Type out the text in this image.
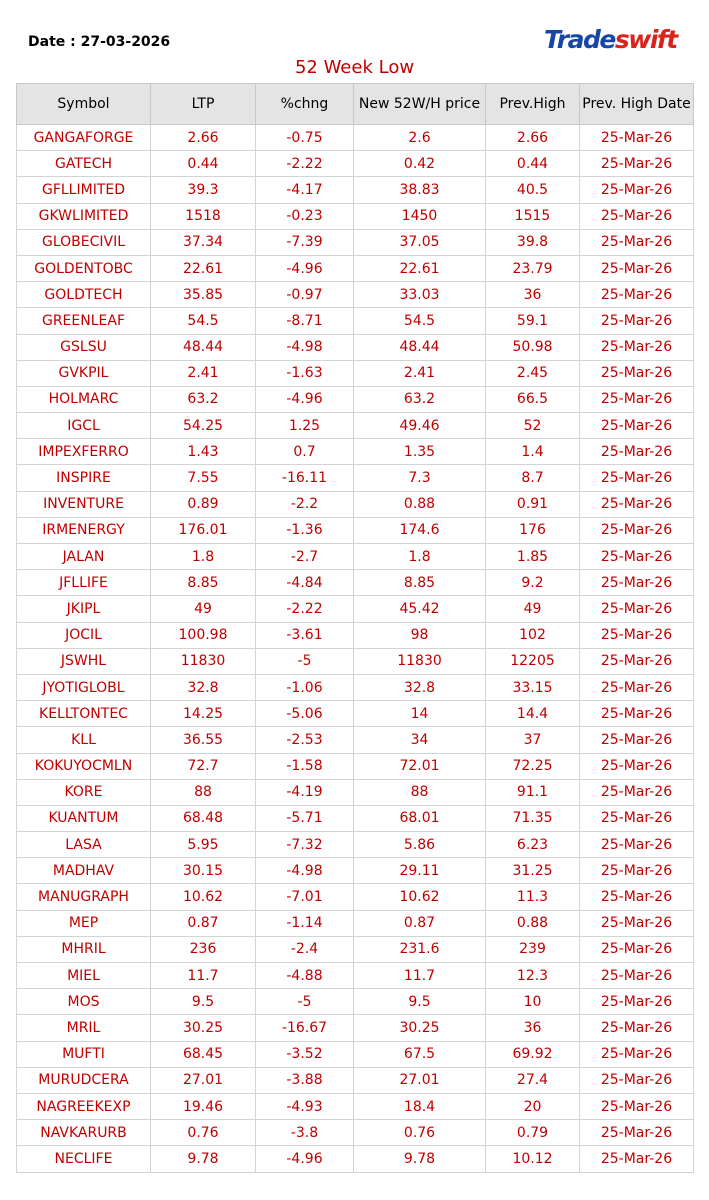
Date : 27-03-2026	Tradeswift
52 Week Low
Symbol	LTP	%chng	New 52W/H price	Prev.High	Prev. High Date
GANGAFORGE	2.66	-0.75	2.6	2.66	25-Mar-26
GATECH	0.44	-2.22	0.42	0.44	25-Mar-26
GFLLIMITED	39.3	-4.17	38.83	40.5	25-Mar-26
GKWLIMITED	1518	-0.23	1450	1515	25-Mar-26
GLOBECIVIL	37.34	-7.39	37.05	39.8	25-Mar-26
GOLDENTOBC	22.61	-4.96	22.61	23.79	25-Mar-26
GOLDTECH	35.85	-0.97	33.03	36	25-Mar-26
GREENLEAF	54.5	-8.71	54.5	59.1	25-Mar-26
GSLSU	48.44	-4.98	48.44	50.98	25-Mar-26
GVKPIL	2.41	-1.63	2.41	2.45	25-Mar-26
HOLMARC	63.2	-4.96	63.2	66.5	25-Mar-26
IGCL	54.25	1.25	49.46	52	25-Mar-26
IMPEXFERRO	1.43	0.7	1.35	1.4	25-Mar-26
INSPIRE	7.55	-16.11	7.3	8.7	25-Mar-26
INVENTURE	0.89	-2.2	0.88	0.91	25-Mar-26
IRMENERGY	176.01	-1.36	174.6	176	25-Mar-26
JALAN	1.8	-2.7	1.8	1.85	25-Mar-26
JFLLIFE	8.85	-4.84	8.85	9.2	25-Mar-26
JKIPL	49	-2.22	45.42	49	25-Mar-26
JOCIL	100.98	-3.61	98	102	25-Mar-26
JSWHL	11830	-5	11830	12205	25-Mar-26
JYOTIGLOBL	32.8	-1.06	32.8	33.15	25-Mar-26
KELLTONTEC	14.25	-5.06	14	14.4	25-Mar-26
KLL	36.55	-2.53	34	37	25-Mar-26
KOKUYOCMLN	72.7	-1.58	72.01	72.25	25-Mar-26
KORE	88	-4.19	88	91.1	25-Mar-26
KUANTUM	68.48	-5.71	68.01	71.35	25-Mar-26
LASA	5.95	-7.32	5.86	6.23	25-Mar-26
MADHAV	30.15	-4.98	29.11	31.25	25-Mar-26
MANUGRAPH	10.62	-7.01	10.62	11.3	25-Mar-26
MEP	0.87	-1.14	0.87	0.88	25-Mar-26
MHRIL	236	-2.4	231.6	239	25-Mar-26
MIEL	11.7	-4.88	11.7	12.3	25-Mar-26
MOS	9.5	-5	9.5	10	25-Mar-26
MRIL	30.25	-16.67	30.25	36	25-Mar-26
MUFTI	68.45	-3.52	67.5	69.92	25-Mar-26
MURUDCERA	27.01	-3.88	27.01	27.4	25-Mar-26
NAGREEKEXP	19.46	-4.93	18.4	20	25-Mar-26
NAVKARURB	0.76	-3.8	0.76	0.79	25-Mar-26
NECLIFE	9.78	-4.96	9.78	10.12	25-Mar-26
